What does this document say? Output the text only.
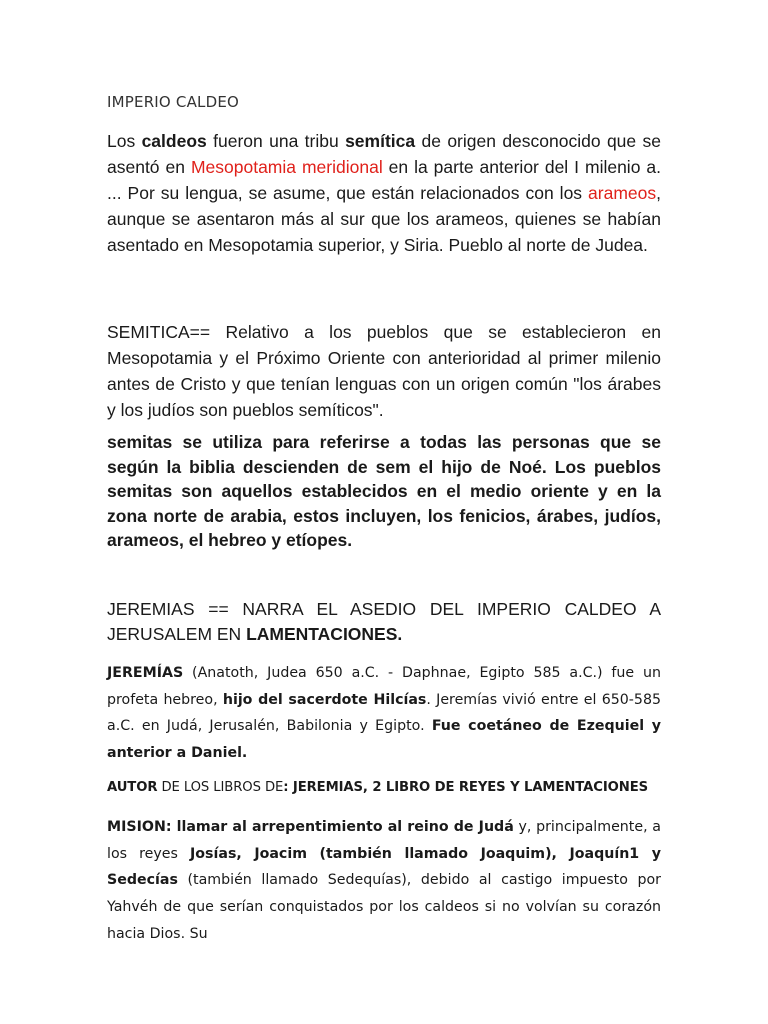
IMPERIO CALDEO

Los caldeos fueron una tribu semítica de origen desconocido que se asentó en Mesopotamia meridional en la parte anterior del I milenio a. ... Por su lengua, se asume, que están relacionados con los arameos, aunque se asentaron más al sur que los arameos, quienes se habían asentado en Mesopotamia superior, y Siria. Pueblo al norte de Judea.

SEMITICA== Relativo a los pueblos que se establecieron en Mesopotamia y el Próximo Oriente con anterioridad al primer milenio antes de Cristo y que tenían lenguas con un origen común "los árabes y los judíos son pueblos semíticos".

semitas se utiliza para referirse a todas las personas que se según la biblia descienden de sem el hijo de Noé. Los pueblos semitas son aquellos establecidos en el medio oriente y en la zona norte de arabia, estos incluyen, los fenicios, árabes, judíos, arameos, el hebreo y etíopes.

JEREMIAS == NARRA EL ASEDIO DEL IMPERIO CALDEO A JERUSALEM EN LAMENTACIONES.

JEREMÍAS (Anatoth, Judea 650 a.C. - Daphnae, Egipto 585 a.C.) fue un profeta hebreo, hijo del sacerdote Hilcías. Jeremías vivió entre el 650-585 a.C. en Judá, Jerusalén, Babilonia y Egipto. Fue coetáneo de Ezequiel y anterior a Daniel.

AUTOR DE LOS LIBROS DE: JEREMIAS, 2 LIBRO DE REYES Y LAMENTACIONES

MISION: llamar al arrepentimiento al reino de Judá y, principalmente, a los reyes Josías, Joacim (también llamado Joaquim), Joaquín1 y Sedecías (también llamado Sedequías), debido al castigo impuesto por Yahvéh de que serían conquistados por los caldeos si no volvían su corazón hacia Dios. Su
